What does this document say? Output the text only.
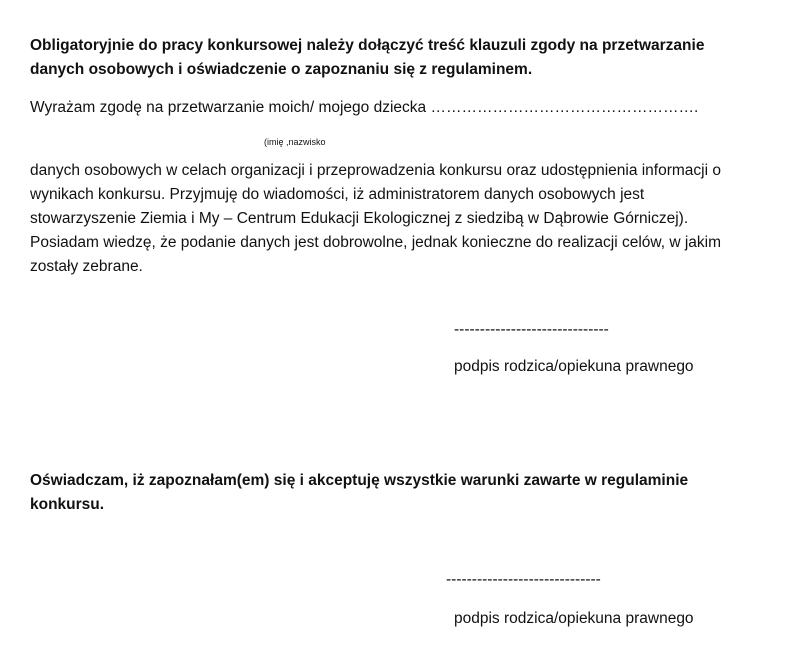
Obligatoryjnie do pracy konkursowej należy dołączyć treść klauzuli zgody na przetwarzanie
danych osobowych i oświadczenie o zapoznaniu się z regulaminem.
Wyrażam zgodę na przetwarzanie moich/ mojego dziecka …………………………………………….
(imię ,nazwisko
danych osobowych w celach organizacji i przeprowadzenia konkursu oraz udostępnienia informacji o
wynikach konkursu. Przyjmuję do wiadomości, iż administratorem danych osobowych jest
stowarzyszenie Ziemia i My – Centrum Edukacji Ekologicznej z siedzibą w Dąbrowie Górniczej).
Posiadam wiedzę, że podanie danych jest dobrowolne, jednak konieczne do realizacji celów, w jakim
zostały zebrane.
------------------------------
podpis rodzica/opiekuna prawnego
Oświadczam, iż zapoznałam(em) się i akceptuję wszystkie warunki zawarte w regulaminie
konkursu.
------------------------------
podpis rodzica/opiekuna prawnego
